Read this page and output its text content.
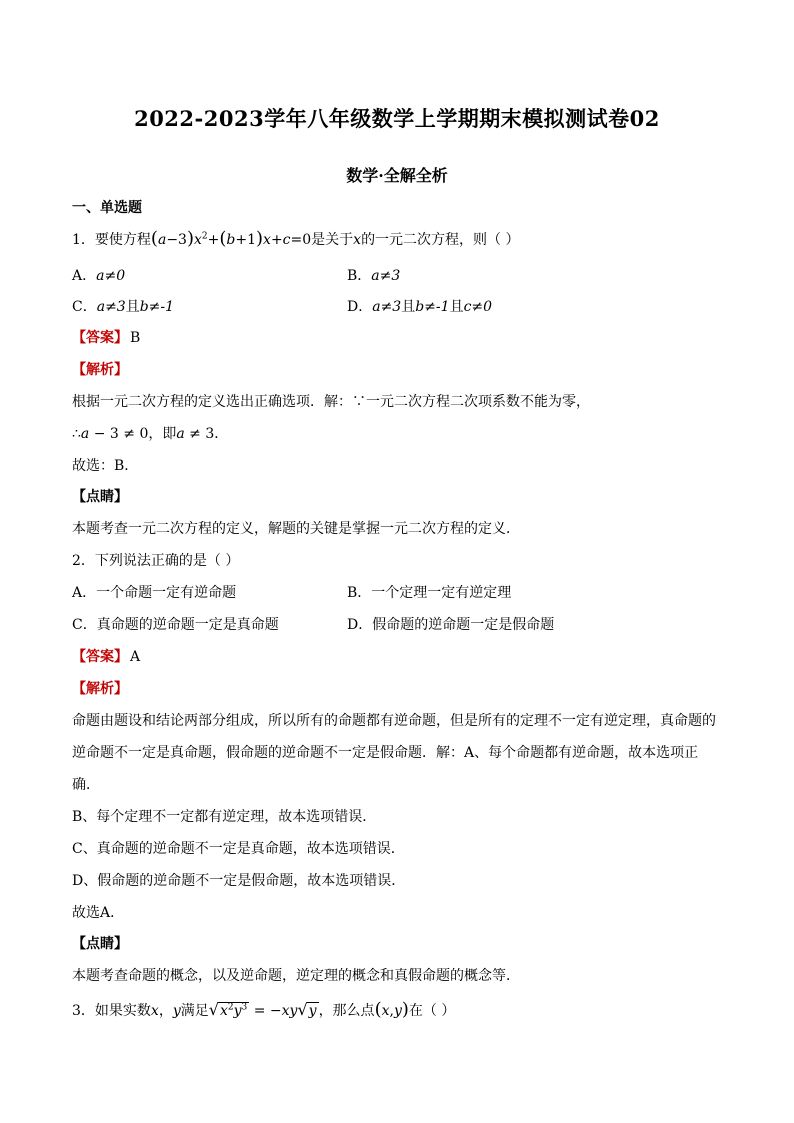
2022-2023学年八年级数学上学期期末模拟测试卷02
数学·全解全析
一、单选题
1．要使方程$(a-3)x^2+(b+1)x+c=0$是关于x的一元二次方程，则（ ）
A．a≠0	B．a≠3
C．a≠3且b≠-1	D．a≠3且b≠-1且c≠0
【答案】 B
【解析】
根据一元二次方程的定义选出正确选项．解：∵一元二次方程二次项系数不能为零，
∴a − 3 ≠ 0，即a ≠ 3．
故选：B．
【点睛】
本题考查一元二次方程的定义，解题的关键是掌握一元二次方程的定义．
2．下列说法正确的是（ ）
A．一个命题一定有逆命题	B．一个定理一定有逆定理
C．真命题的逆命题一定是真命题	D．假命题的逆命题一定是假命题
【答案】 A
【解析】
命题由题设和结论两部分组成，所以所有的命题都有逆命题，但是所有的定理不一定有逆定理，真命题的
逆命题不一定是真命题，假命题的逆命题不一定是假命题．解：A、每个命题都有逆命题，故本选项正
确．
B、每个定理不一定都有逆定理，故本选项错误．
C、真命题的逆命题不一定是真命题，故本选项错误．
D、假命题的逆命题不一定是假命题，故本选项错误．
故选A．
【点睛】
本题考查命题的概念，以及逆命题，逆定理的概念和真假命题的概念等．
3．如果实数x，y满足$√x^2y^3 = -xy√y$ ，那么点(x,y)在（ ）
